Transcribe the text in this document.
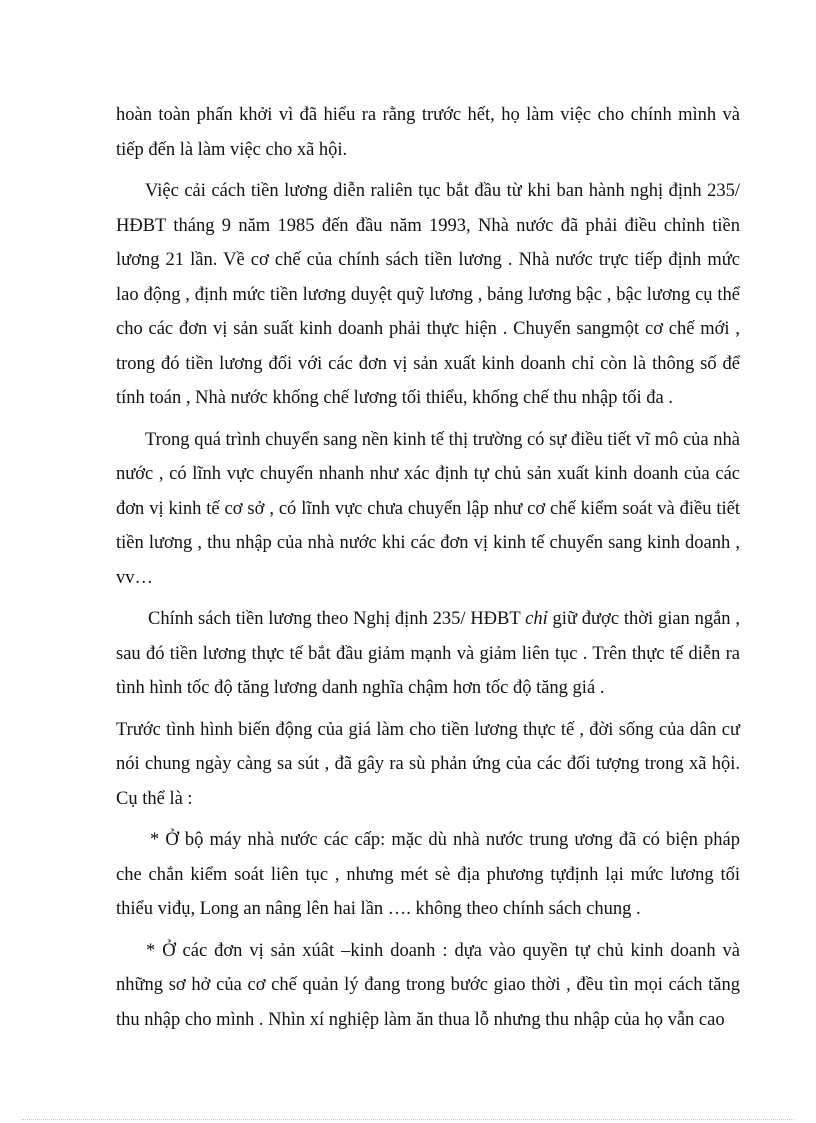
hoàn toàn phấn khởi vì đã hiểu ra rằng trước hết, họ làm việc cho chính mình và tiếp đến là làm việc cho xã hội.

Việc cải cách tiền lương diễn raliên tục bắt đầu từ khi ban hành nghị định 235/ HĐBT tháng 9 năm 1985 đến đầu năm 1993, Nhà nước đã phải điều chỉnh tiền lương 21 lần. Về cơ chế của chính sách tiền lương . Nhà nước trực tiếp định mức lao động , định mức tiền lương duyệt quỹ lương , bảng lương bậc , bậc lương cụ thể cho các đơn vị sản suất kinh doanh phải thực hiện . Chuyển sangmột cơ chế mới , trong đó tiền lương đối với các đơn vị sản xuất kinh doanh chỉ còn là thông số để tính toán , Nhà nước khống chế lương tối thiểu, khống chế thu nhập tối đa .

Trong quá trình chuyển sang nền kinh tế thị trường có sự điều tiết vĩ mô của nhà nước , có lĩnh vực chuyển nhanh như xác định tự chủ sản xuất kinh doanh của các đơn vị kinh tế cơ sở , có lĩnh vực chưa chuyển lập như cơ chế kiểm soát và điều tiết tiền lương , thu nhập của nhà nước khi các đơn vị kinh tế chuyển sang kinh doanh , vv…

Chính sách tiền lương theo Nghị định 235/ HĐBT chỉ giữ được thời gian ngắn , sau đó tiền lương thực tế bắt đầu giảm mạnh và giảm liên tục . Trên thực tế diễn ra tình hình tốc độ tăng lương danh nghĩa chậm hơn tốc độ tăng giá .

Trước tình hình biến động của giá làm cho tiền lương thực tế , đời sống của dân cư nói chung ngày càng sa sút , đã gây ra sù phản ứng của các đối tượng trong xã hội. Cụ thể là :

* Ở bộ máy nhà nước các cấp: mặc dù nhà nước trung ương đã có biện pháp che chắn kiểm soát liên tục , nhưng mét sè địa phương tựđịnh lại mức lương tối thiểu viđụ, Long an nâng lên hai lần …. không theo chính sách chung .

* Ở các đơn vị sản xúât –kinh doanh : dựa vào quyền tự chủ kinh doanh và những sơ hở của cơ chế quản lý đang trong bước giao thời , đều tìn mọi cách tăng thu nhập cho mình . Nhìn xí nghiệp làm ăn thua lỗ nhưng thu nhập của họ vẫn cao
